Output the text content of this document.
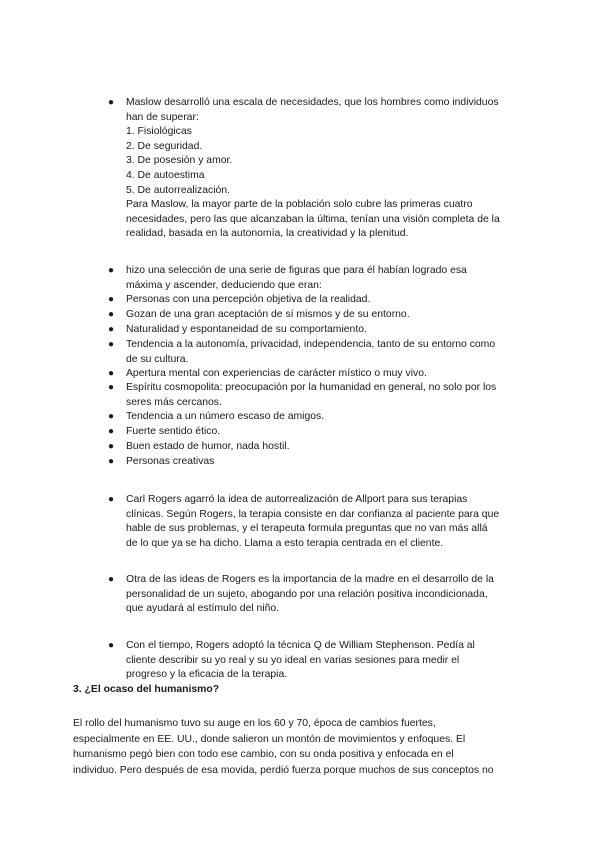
●	Maslow desarrolló una escala de necesidades, que los hombres como individuos
han de superar:
1. Fisiológicas
2. De seguridad.
3. De posesión y amor.
4. De autoestima
5. De autorrealización.
Para Maslow, la mayor parte de la población solo cubre las primeras cuatro
necesidades, pero las que alcanzaban la última, tenían una visión completa de la
realidad, basada en la autonomía, la creatividad y la plenitud.
●	hizo una selección de una serie de figuras que para él habían logrado esa
máxima y ascender, deduciendo que eran:
●	Personas con una percepción objetiva de la realidad.
●	Gozan de una gran aceptación de sí mismos y de su entorno.
●	Naturalidad y espontaneidad de su comportamiento.
●	Tendencia a la autonomía, privacidad, independencia, tanto de su entorno como
de su cultura.
●	Apertura mental con experiencias de carácter místico o muy vivo.
●	Espíritu cosmopolita: preocupación por la humanidad en general, no solo por los
seres más cercanos.
●	Tendencia a un número escaso de amigos.
●	Fuerte sentido ético.
●	Buen estado de humor, nada hostil.
●	Personas creativas
●	Carl Rogers agarró la idea de autorrealización de Allport para sus terapias
clínicas. Según Rogers, la terapia consiste en dar confianza al paciente para que
hable de sus problemas, y el terapeuta formula preguntas que no van más allá
de lo que ya se ha dicho. Llama a esto terapia centrada en el cliente.
●	Otra de las ideas de Rogers es la importancia de la madre en el desarrollo de la
personalidad de un sujeto, abogando por una relación positiva incondicionada,
que ayudará al estímulo del niño.
●	Con el tiempo, Rogers adoptó la técnica Q de William Stephenson. Pedía al
cliente describir su yo real y su yo ideal en varias sesiones para medir el
progreso y la eficacia de la terapia.
3. ¿El ocaso del humanismo?
El rollo del humanismo tuvo su auge en los 60 y 70, época de cambios fuertes,
especialmente en EE. UU., donde salieron un montón de movimientos y enfoques. El
humanismo pegó bien con todo ese cambio, con su onda positiva y enfocada en el
individuo. Pero después de esa movida, perdió fuerza porque muchos de sus conceptos no
